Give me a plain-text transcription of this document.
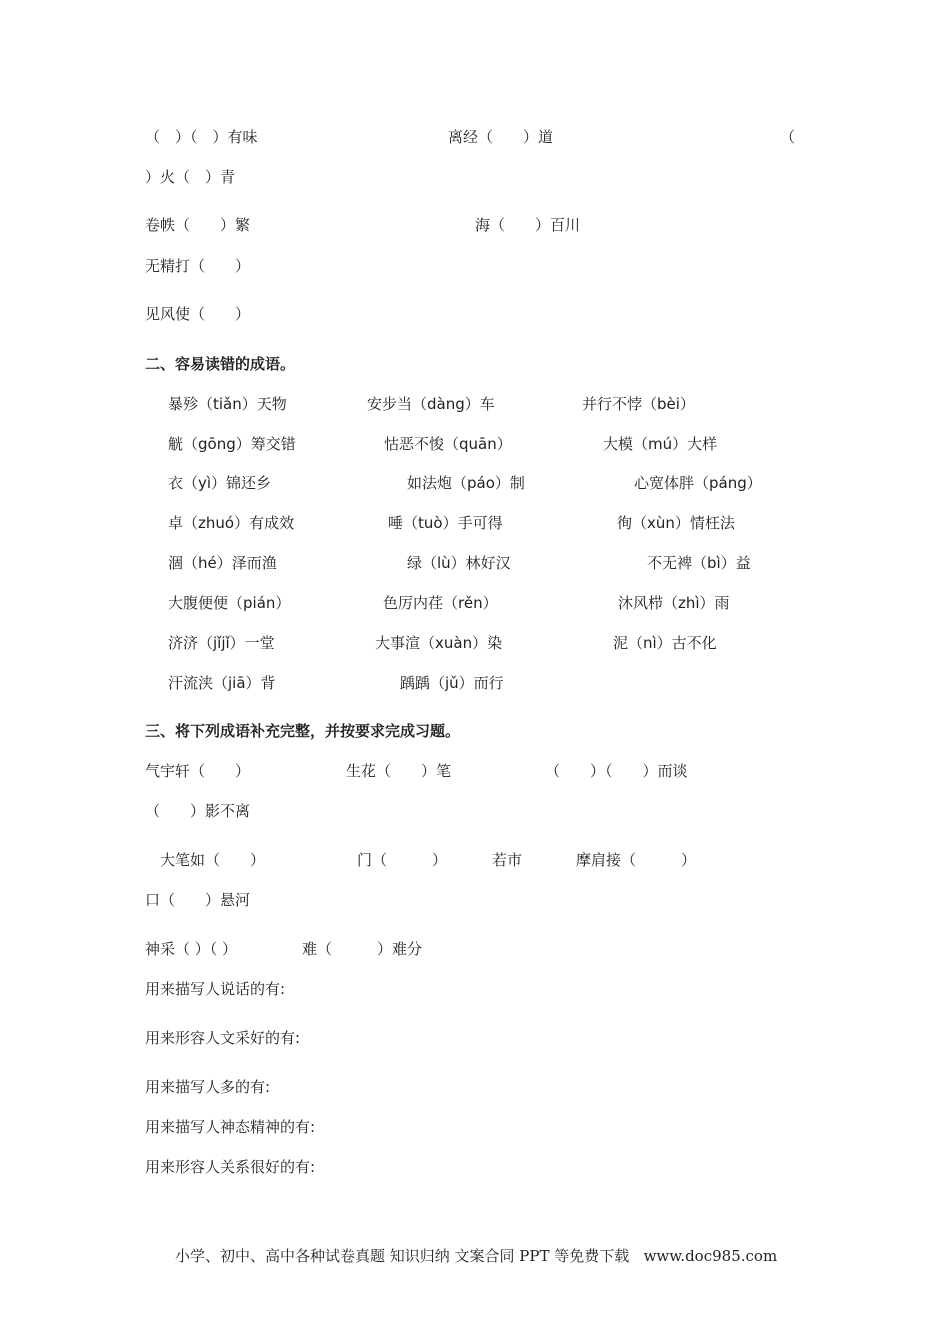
（　）（　）有味	离经（　　）道	（
）火（　）青
卷帙（　　）繁	海（　　）百川
无精打（　　）
见风使（　　）
二、容易读错的成语。
暴殄（tiǎn）天物	安步当（dàng）车	并行不悖（bèi）
觥（gōng）筹交错	怙恶不悛（quān）	大模（mú）大样
衣（yì）锦还乡	如法炮（páo）制	心宽体胖（páng）
卓（zhuó）有成效	唾（tuò）手可得	徇（xùn）情枉法
涸（hé）泽而渔	绿（lù）林好汉	不无裨（bì）益
大腹便便（pián）	色厉内荏（rěn）	沐风栉（zhì）雨
济济（jǐjǐ）一堂	大事渲（xuàn）染	泥（nì）古不化
汗流浃（jiā）背	踽踽（jǔ）而行
三、将下列成语补充完整，并按要求完成习题。
气宇轩（　　）	生花（　　）笔	（　　）（　　）而谈
（　　）影不离
大笔如（　　）	门（　　　）	若市	摩肩接（　　　）
口（　　）悬河
神采（ ）（ ）	难（　　　）难分
用来描写人说话的有:
用来形容人文采好的有:
用来描写人多的有:
用来描写人神态精神的有:
用来形容人关系很好的有:
小学、初中、高中各种试卷真题 知识归纳 文案合同 PPT 等免费下载   www.doc985.com
